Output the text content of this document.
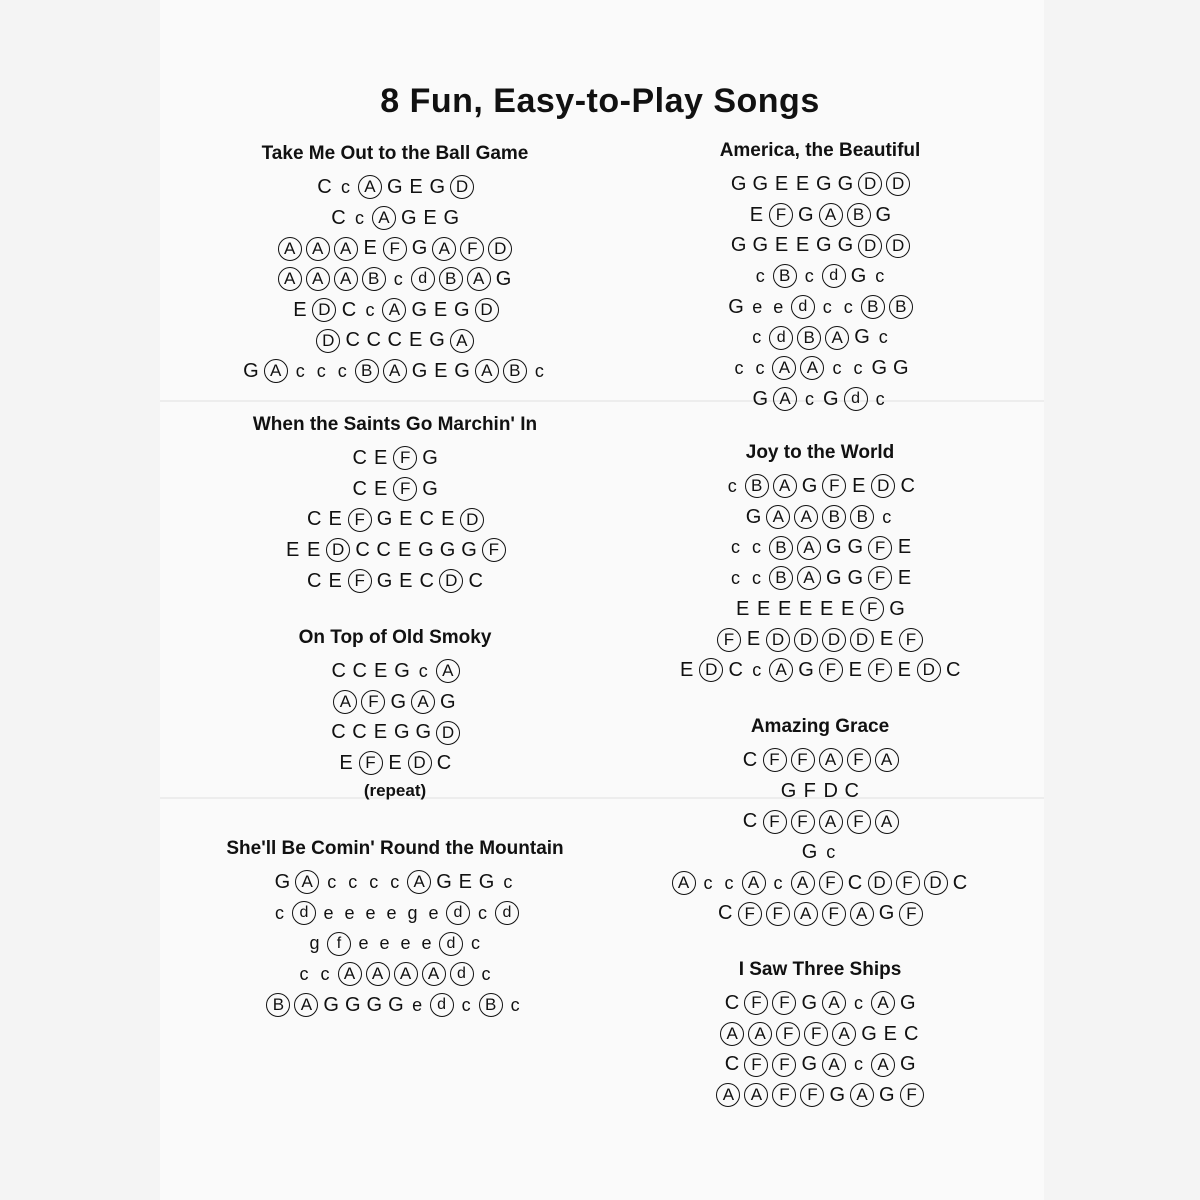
8 Fun, Easy-to-Play Songs
Take Me Out to the Ball Game
C c A G E G D
C c A G E G
A A A E F G A	F D
A A A B c d	B A G
E D C c A G E G D
D C C C E G A
G A c c c B A G E G A B c
When the Saints Go Marchin' In
C E F G
C E F G
C E F G E C E D
E E D C C E G G G F
C E F G E C D C
On Top of Old Smoky
C C E G c A
A	F G A G
C C E G G D
E F E D C
(repeat)
She'll Be Comin' Round the Mountain
G A c c c c A G E G c
c d e e e e g e d c d
g	f e e e e d c
c c A A A A	d c
B A G G G G e d c B c
America, the Beautiful
G G E E G G D D
E F G A B G
G G E E G G D D
c B c d G c
G e e d c c B B
c d	B A G c
c c A A c c G G
G A c G d c
Joy to the World
c B A G F E D C
G A A B B c
c c B A G G F E
c c B A G G F E
E E E E E E F G
F E D D D D E F
E D C c A G F E F E D C
Amazing Grace
C F	F	A	F	A
G F D C
C F	F	A	F	A
G c
A c c A c A	F C D F D C
C F	F	A	F	A G F
I Saw Three Ships
C F	F G A c A G
A A	F	F	A G E C
C F	F G A c A G
A A	F	F G A G F
